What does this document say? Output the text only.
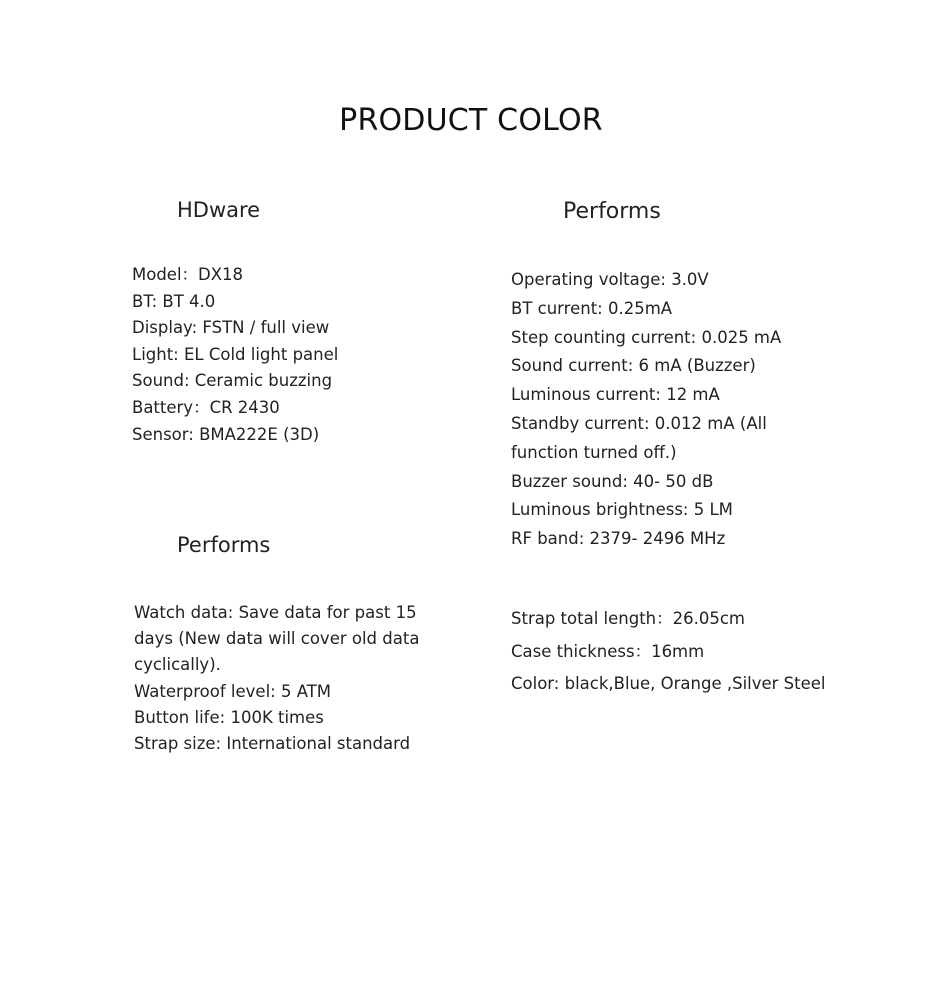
PRODUCT COLOR
HDware
Model：DX18
BT: BT 4.0
Display: FSTN / full view
Light: EL Cold light panel
Sound: Ceramic buzzing
Battery：CR 2430
Sensor: BMA222E (3D)
Performs
Operating voltage: 3.0V
BT current: 0.25mA
Step counting current: 0.025 mA
Sound current: 6 mA (Buzzer)
Luminous current: 12 mA
Standby current: 0.012 mA (All function turned off.)
Buzzer sound: 40- 50 dB
Luminous brightness: 5 LM
RF band: 2379- 2496 MHz
Performs
Watch data: Save data for past 15 days (New data will cover old data cyclically).
Waterproof level: 5 ATM
Button life: 100K times
Strap size: International standard
Strap total length：26.05cm
Case thickness：16mm
Color: black,Blue, Orange ,Silver Steel
